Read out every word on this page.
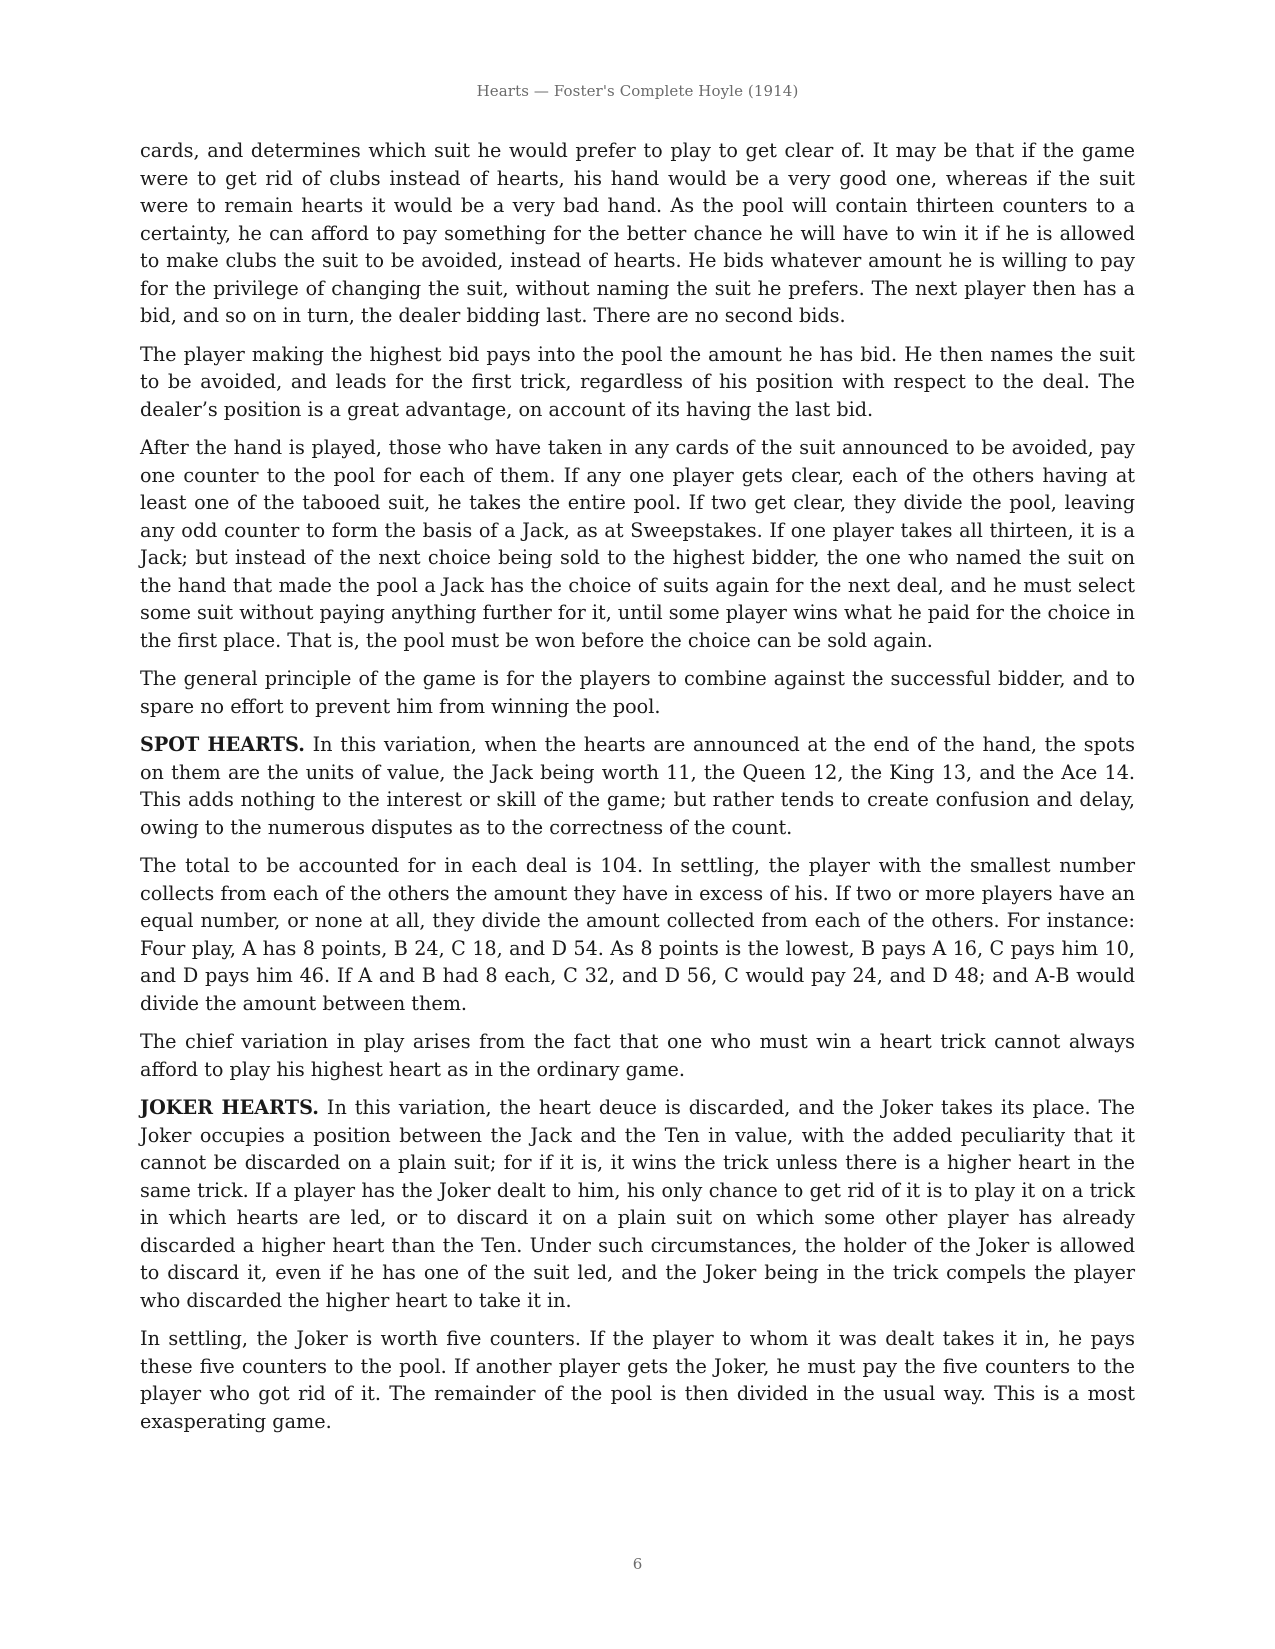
Hearts — Foster's Complete Hoyle (1914)

cards, and determines which suit he would prefer to play to get clear of. It may be that if the game were to get rid of clubs instead of hearts, his hand would be a very good one, whereas if the suit were to remain hearts it would be a very bad hand. As the pool will contain thirteen counters to a certainty, he can afford to pay something for the better chance he will have to win it if he is allowed to make clubs the suit to be avoided, instead of hearts. He bids whatever amount he is willing to pay for the privilege of changing the suit, without naming the suit he prefers. The next player then has a bid, and so on in turn, the dealer bidding last. There are no second bids.

The player making the highest bid pays into the pool the amount he has bid. He then names the suit to be avoided, and leads for the first trick, regardless of his position with respect to the deal. The dealer’s position is a great advantage, on account of its having the last bid.

After the hand is played, those who have taken in any cards of the suit announced to be avoided, pay one counter to the pool for each of them. If any one player gets clear, each of the others having at least one of the tabooed suit, he takes the entire pool. If two get clear, they divide the pool, leaving any odd counter to form the basis of a Jack, as at Sweepstakes. If one player takes all thirteen, it is a Jack; but instead of the next choice being sold to the highest bidder, the one who named the suit on the hand that made the pool a Jack has the choice of suits again for the next deal, and he must select some suit without paying anything further for it, until some player wins what he paid for the choice in the first place. That is, the pool must be won before the choice can be sold again.

The general principle of the game is for the players to combine against the successful bidder, and to spare no effort to prevent him from winning the pool.

SPOT HEARTS. In this variation, when the hearts are announced at the end of the hand, the spots on them are the units of value, the Jack being worth 11, the Queen 12, the King 13, and the Ace 14. This adds nothing to the interest or skill of the game; but rather tends to create confusion and delay, owing to the numerous disputes as to the correctness of the count.

The total to be accounted for in each deal is 104. In settling, the player with the smallest number collects from each of the others the amount they have in excess of his. If two or more players have an equal number, or none at all, they divide the amount collected from each of the others. For instance: Four play, A has 8 points, B 24, C 18, and D 54. As 8 points is the lowest, B pays A 16, C pays him 10, and D pays him 46. If A and B had 8 each, C 32, and D 56, C would pay 24, and D 48; and A-B would divide the amount between them.

The chief variation in play arises from the fact that one who must win a heart trick cannot always afford to play his highest heart as in the ordinary game.

JOKER HEARTS. In this variation, the heart deuce is discarded, and the Joker takes its place. The Joker occupies a position between the Jack and the Ten in value, with the added peculiarity that it cannot be discarded on a plain suit; for if it is, it wins the trick unless there is a higher heart in the same trick. If a player has the Joker dealt to him, his only chance to get rid of it is to play it on a trick in which hearts are led, or to discard it on a plain suit on which some other player has already discarded a higher heart than the Ten. Under such circumstances, the holder of the Joker is allowed to discard it, even if he has one of the suit led, and the Joker being in the trick compels the player who discarded the higher heart to take it in.

In settling, the Joker is worth five counters. If the player to whom it was dealt takes it in, he pays these five counters to the pool. If another player gets the Joker, he must pay the five counters to the player who got rid of it. The remainder of the pool is then divided in the usual way. This is a most exasperating game.

6
